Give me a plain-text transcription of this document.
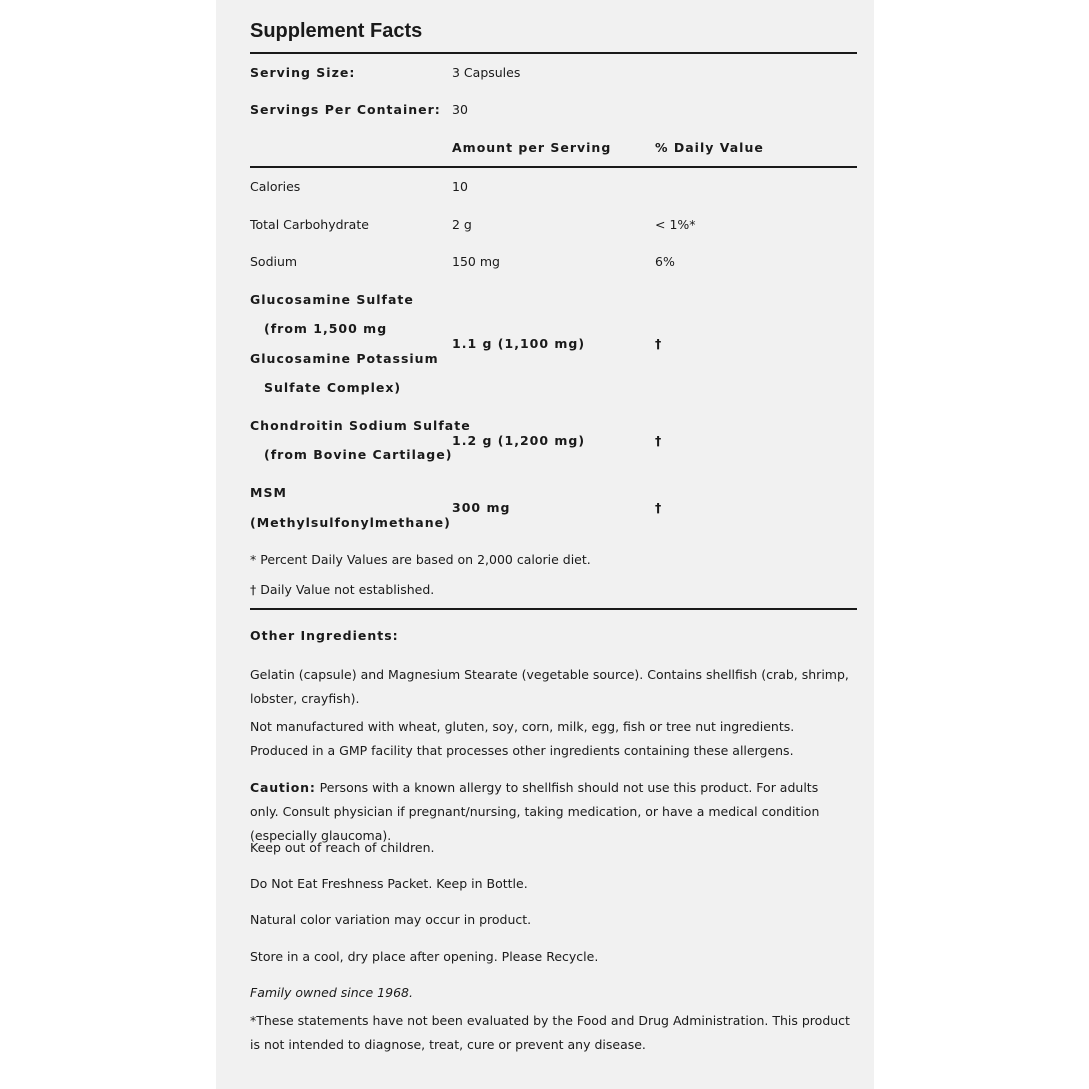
Supplement Facts
Serving Size:	3 Capsules
Servings Per Container: 30
Amount per Serving	% Daily Value
Calories	10
Total Carbohydrate	2 g	< 1%*
Sodium	150 mg	6%
Glucosamine Sulfate
(from 1,500 mg
Glucosamine Potassium
Sulfate Complex)
1.1 g (1,100 mg)	†
Chondroitin Sodium Sulfate
(from Bovine Cartilage)
1.2 g (1,200 mg)	†
MSM
(Methylsulfonylmethane)
300 mg	†
* Percent Daily Values are based on 2,000 calorie diet.
† Daily Value not established.
Other Ingredients:
Gelatin (capsule) and Magnesium Stearate (vegetable source). Contains shellfish (crab, shrimp, lobster, crayfish).
Not manufactured with wheat, gluten, soy, corn, milk, egg, fish or tree nut ingredients. Produced in a GMP facility that processes other ingredients containing these allergens.
Caution: Persons with a known allergy to shellfish should not use this product. For adults only. Consult physician if pregnant/nursing, taking medication, or have a medical condition (especially glaucoma).
Keep out of reach of children.
Do Not Eat Freshness Packet. Keep in Bottle.
Natural color variation may occur in product.
Store in a cool, dry place after opening. Please Recycle.
Family owned since 1968.
*These statements have not been evaluated by the Food and Drug Administration. This product is not intended to diagnose, treat, cure or prevent any disease.
